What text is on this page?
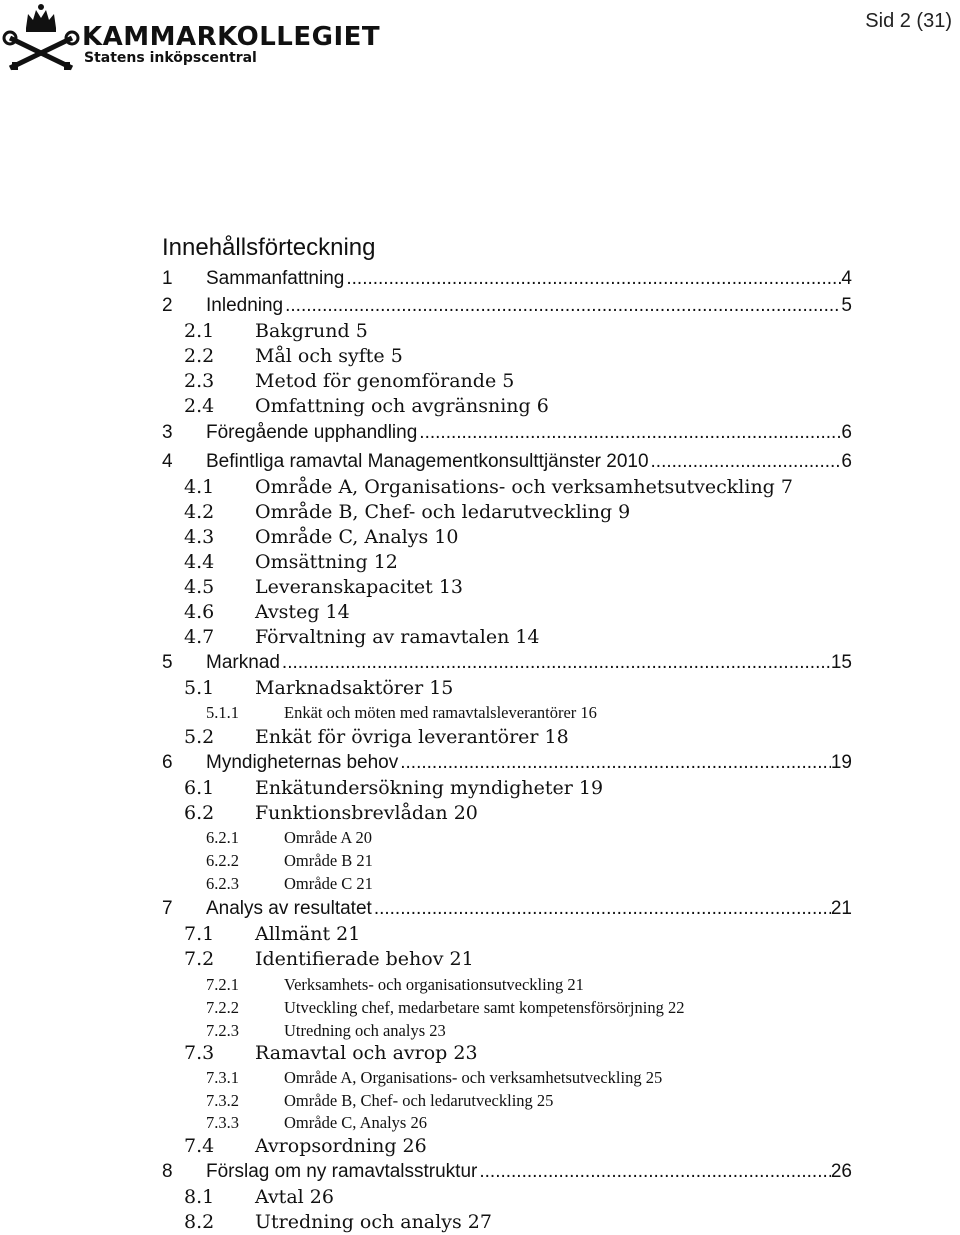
KAMMARKOLLEGIET
Statens inköpscentral
Sid 2 (31)
Innehållsförteckning
1 Sammanfattning .....	4
2 Inledning .....	5
2.1 Bakgrund 5
2.2 Mål och syfte 5
2.3 Metod för genomförande 5
2.4 Omfattning och avgränsning 6
3 Föregående upphandling .....	6
4 Befintliga ramavtal Managementkonsulttjänster 2010 .....	6
4.1 Område A, Organisations- och verksamhetsutveckling 7
4.2 Område B, Chef- och ledarutveckling 9
4.3 Område C, Analys 10
4.4 Omsättning 12
4.5 Leveranskapacitet 13
4.6 Avsteg 14
4.7 Förvaltning av ramavtalen 14
5 Marknad .....	15
5.1 Marknadsaktörer 15
5.1.1	Enkät och möten med ramavtalsleverantörer 16
5.2 Enkät för övriga leverantörer 18
6 Myndigheternas behov .....	19
6.1 Enkätundersökning myndigheter 19
6.2 Funktionsbrevlådan 20
6.2.1	Område A 20
6.2.2	Område B 21
6.2.3	Område C 21
7 Analys av resultatet .....	21
7.1 Allmänt 21
7.2 Identifierade behov 21
7.2.1	Verksamhets- och organisationsutveckling 21
7.2.2	Utveckling chef, medarbetare samt kompetensförsörjning 22
7.2.3	Utredning och analys 23
7.3 Ramavtal och avrop 23
7.3.1	Område A, Organisations- och verksamhetsutveckling 25
7.3.2	Område B, Chef- och ledarutveckling 25
7.3.3	Område C, Analys 26
7.4 Avropsordning 26
8 Förslag om ny ramavtalsstruktur .....	26
8.1 Avtal 26
8.2 Utredning och analys 27
